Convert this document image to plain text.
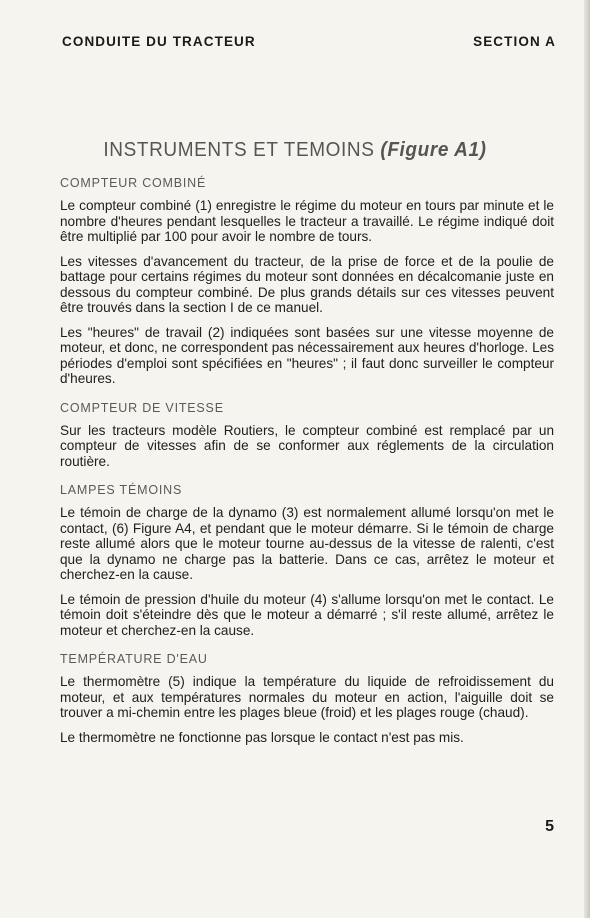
CONDUITE DU TRACTEUR	SECTION A
INSTRUMENTS ET TEMOINS (Figure A1)
COMPTEUR COMBINÉ

Le compteur combiné (1) enregistre le régime du moteur en tours par minute et le nombre d'heures pendant lesquelles le tracteur a travaillé. Le régime indiqué doit être multiplié par 100 pour avoir le nombre de tours.

Les vitesses d'avancement du tracteur, de la prise de force et de la poulie de battage pour certains régimes du moteur sont données en décalcomanie juste en dessous du compteur combiné. De plus grands détails sur ces vitesses peuvent être trouvés dans la section I de ce manuel.

Les "heures" de travail (2) indiquées sont basées sur une vitesse moyenne de moteur, et donc, ne correspondent pas nécessairement aux heures d'horloge. Les périodes d'emploi sont spécifiées en "heures" ; il faut donc surveiller le compteur d'heures.

COMPTEUR DE VITESSE

Sur les tracteurs modèle Routiers, le compteur combiné est remplacé par un compteur de vitesses afin de se conformer aux réglements de la circulation routière.

LAMPES TÉMOINS

Le témoin de charge de la dynamo (3) est normalement allumé lorsqu'on met le contact, (6) Figure A4, et pendant que le moteur démarre. Si le témoin de charge reste allumé alors que le moteur tourne au-dessus de la vitesse de ralenti, c'est que la dynamo ne charge pas la batterie. Dans ce cas, arrêtez le moteur et cherchez-en la cause.

Le témoin de pression d'huile du moteur (4) s'allume lorsqu'on met le contact. Le témoin doit s'éteindre dès que le moteur a démarré ; s'il reste allumé, arrêtez le moteur et cherchez-en la cause.

TEMPÉRATURE D'EAU

Le thermomètre (5) indique la température du liquide de refroidissement du moteur, et aux températures normales du moteur en action, l'aiguille doit se trouver a mi-chemin entre les plages bleue (froid) et les plages rouge (chaud).

Le thermomètre ne fonctionne pas lorsque le contact n'est pas mis.

5
